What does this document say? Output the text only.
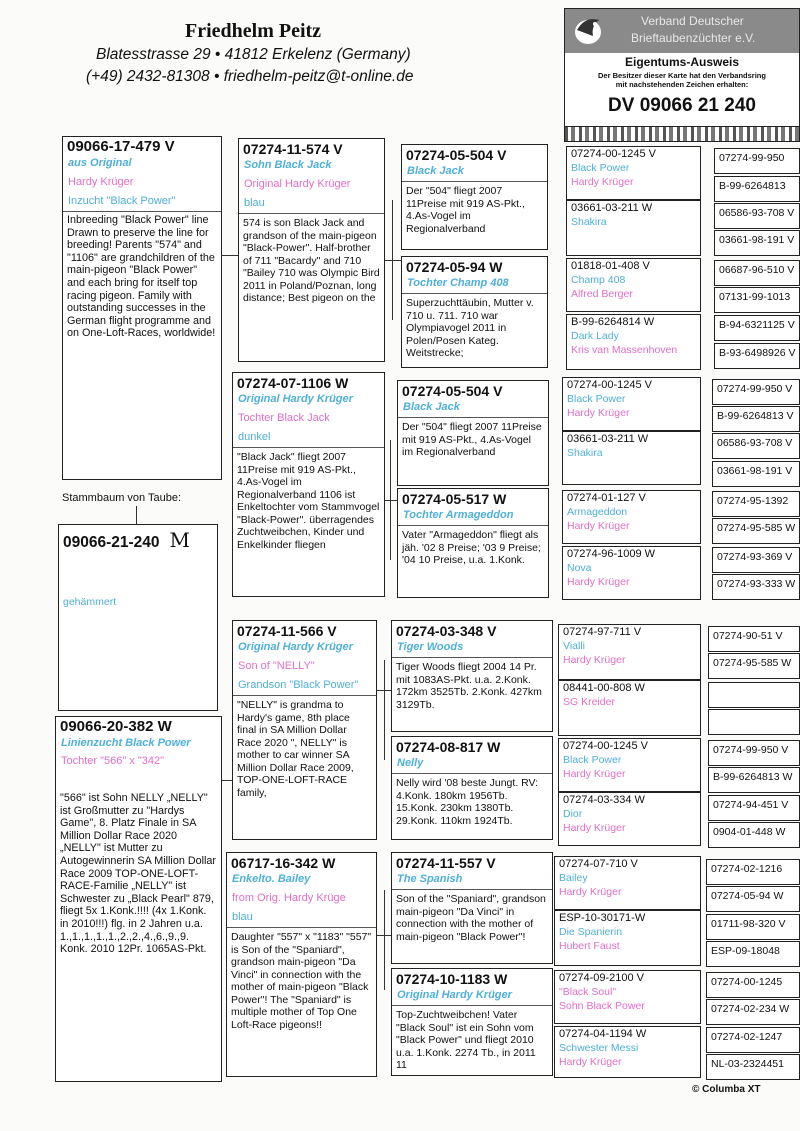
Friedhelm Peitz
Blatesstrasse 29 • 41812 Erkelenz (Germany)
(+49) 2432-81308 • friedhelm-peitz@t-online.de
Verband Deutscher
Brieftaubenzüchter e.V.
Eigentums-Ausweis
Der Besitzer dieser Karte hat den Verbandsring
mit nachstehenden Zeichen erhalten:
DV 09066 21 240
Stammbaum von Taube:
09066-21-240 M
gehämmert
09066-17-479 V
aus Original
Hardy Krüger
Inzucht "Black Power"
Inbreeding "Black Power" line Drawn to preserve the line for breeding! Parents "574" and "1106" are grandchildren of the main-pigeon "Black Power" and each bring for itself top racing pigeon. Family with outstanding successes in the German flight programme and on One-Loft-Races, worldwide!
09066-20-382 W
Linienzucht Black Power
Tochter "566" x "342"
"566" ist Sohn NELLY „NELLY" ist Großmutter zu "Hardys Game", 8. Platz Finale in SA Million Dollar Race 2020 „NELLY" ist Mutter zu Autogewinnerin SA Million Dollar Race 2009 TOP-ONE-LOFT-RACE-Familie „NELLY" ist Schwester zu „Black Pearl" 879, fliegt 5x 1.Konk.!!!! (4x 1.Konk. in 2010!!!) flg. in 2 Jahren u.a. 1.,1.,1.,1.,1.,2.,2.,4.,6.,9.,9. Konk. 2010 12Pr. 1065AS-Pkt.
07274-11-574 V
Sohn Black Jack
Original Hardy Krüger
blau
574 is son Black Jack and grandson of the main-pigeon "Black-Power". Half-brother of 711 "Bacardy" and 710 "Bailey 710 was Olympic Bird 2011 in Poland/Poznan, long distance; Best pigeon on the
07274-07-1106 W
Original Hardy Krüger
Tochter Black Jack
dunkel
"Black Jack" fliegt 2007 11Preise mit 919 AS-Pkt., 4.As-Vogel im Regionalverband 1106 ist Enkeltochter vom Stammvogel "Black-Power". überragendes Zuchtweibchen, Kinder und Enkelkinder fliegen
07274-11-566 V
Original Hardy Krüger
Son of "NELLY"
Grandson "Black Power"
"NELLY" is grandma to Hardy's game, 8th place final in SA Million Dollar Race 2020 ", NELLY" is mother to car winner SA Million Dollar Race 2009, TOP-ONE-LOFT-RACE family,
06717-16-342 W
Enkelto. Bailey
from Orig. Hardy Krüge
blau
Daughter "557" x "1183" "557" is Son of the "Spaniard", grandson main-pigeon "Da Vinci" in connection with the mother of main-pigeon "Black Power"! The "Spaniard" is multiple mother of Top One Loft-Race pigeons!!
07274-05-504 V
Black Jack
Der "504" fliegt 2007 11Preise mit 919 AS-Pkt., 4.As-Vogel im Regionalverband
07274-05-94 W
Tochter Champ 408
Superzuchttäubin, Mutter v. 710 u. 711. 710 war Olympiavogel 2011 in Polen/Posen Kateg. Weitstrecke;
07274-05-504 V
Black Jack
Der "504" fliegt 2007 11Preise mit 919 AS-Pkt., 4.As-Vogel im Regionalverband
07274-05-517 W
Tochter Armageddon
Vater "Armageddon" fliegt als jäh. '02 8 Preise; '03 9 Preise; '04 10 Preise, u.a. 1.Konk.
07274-03-348 V
Tiger Woods
Tiger Woods fliegt 2004 14 Pr. mit 1083AS-Pkt. u.a. 2.Konk. 172km 3525Tb. 2.Konk. 427km 3129Tb.
07274-08-817 W
Nelly
Nelly wird '08 beste Jungt. RV: 4.Konk. 180km 1956Tb. 15.Konk. 230km 1380Tb. 29.Konk. 110km 1924Tb.
07274-11-557 V
The Spanish
Son of the "Spaniard", grandson main-pigeon "Da Vinci" in connection with the mother of main-pigeon "Black Power"!
07274-10-1183 W
Original Hardy Krüger
Top-Zuchtweibchen! Vater "Black Soul" ist ein Sohn vom "Black Power" und fliegt 2010 u.a. 1.Konk. 2274 Tb., in 2011 11
07274-00-1245 V
Black Power
Hardy Krüger
03661-03-211 W
Shakira
01818-01-408 V
Champ 408
Alfred Berger
B-99-6264814 W
Dark Lady
Kris van Massenhoven
07274-00-1245 V
Black Power
Hardy Krüger
03661-03-211 W
Shakira
07274-01-127 V
Armageddon
Hardy Krüger
07274-96-1009 W
Nova
Hardy Krüger
07274-97-711 V
Vialli
Hardy Krüger
08441-00-808 W
SG Kreider
07274-00-1245 V
Black Power
Hardy Krüger
07274-03-334 W
Dior
Hardy Krüger
07274-07-710 V
Bailey
Hardy Krüger
ESP-10-30171-W
Die Spanierin
Hubert Faust
07274-09-2100 V
"Black Soul"
Sohn Black Power
07274-04-1194 W
Schwester Messi
Hardy Krüger
07274-99-950
B-99-6264813
06586-93-708 V
03661-98-191 V
06687-96-510 V
07131-99-1013
B-94-6321125 V
B-93-6498926 V
07274-99-950 V
B-99-6264813 V
06586-93-708 V
03661-98-191 V
07274-95-1392
07274-95-585 W
07274-93-369 V
07274-93-333 W
07274-90-51 V
07274-95-585 W
07274-99-950 V
B-99-6264813 W
07274-94-451 V
0904-01-448 W
07274-02-1216
07274-05-94 W
01711-98-320 V
ESP-09-18048
07274-00-1245
07274-02-234 W
07274-02-1247
NL-03-2324451
© Columba XT
